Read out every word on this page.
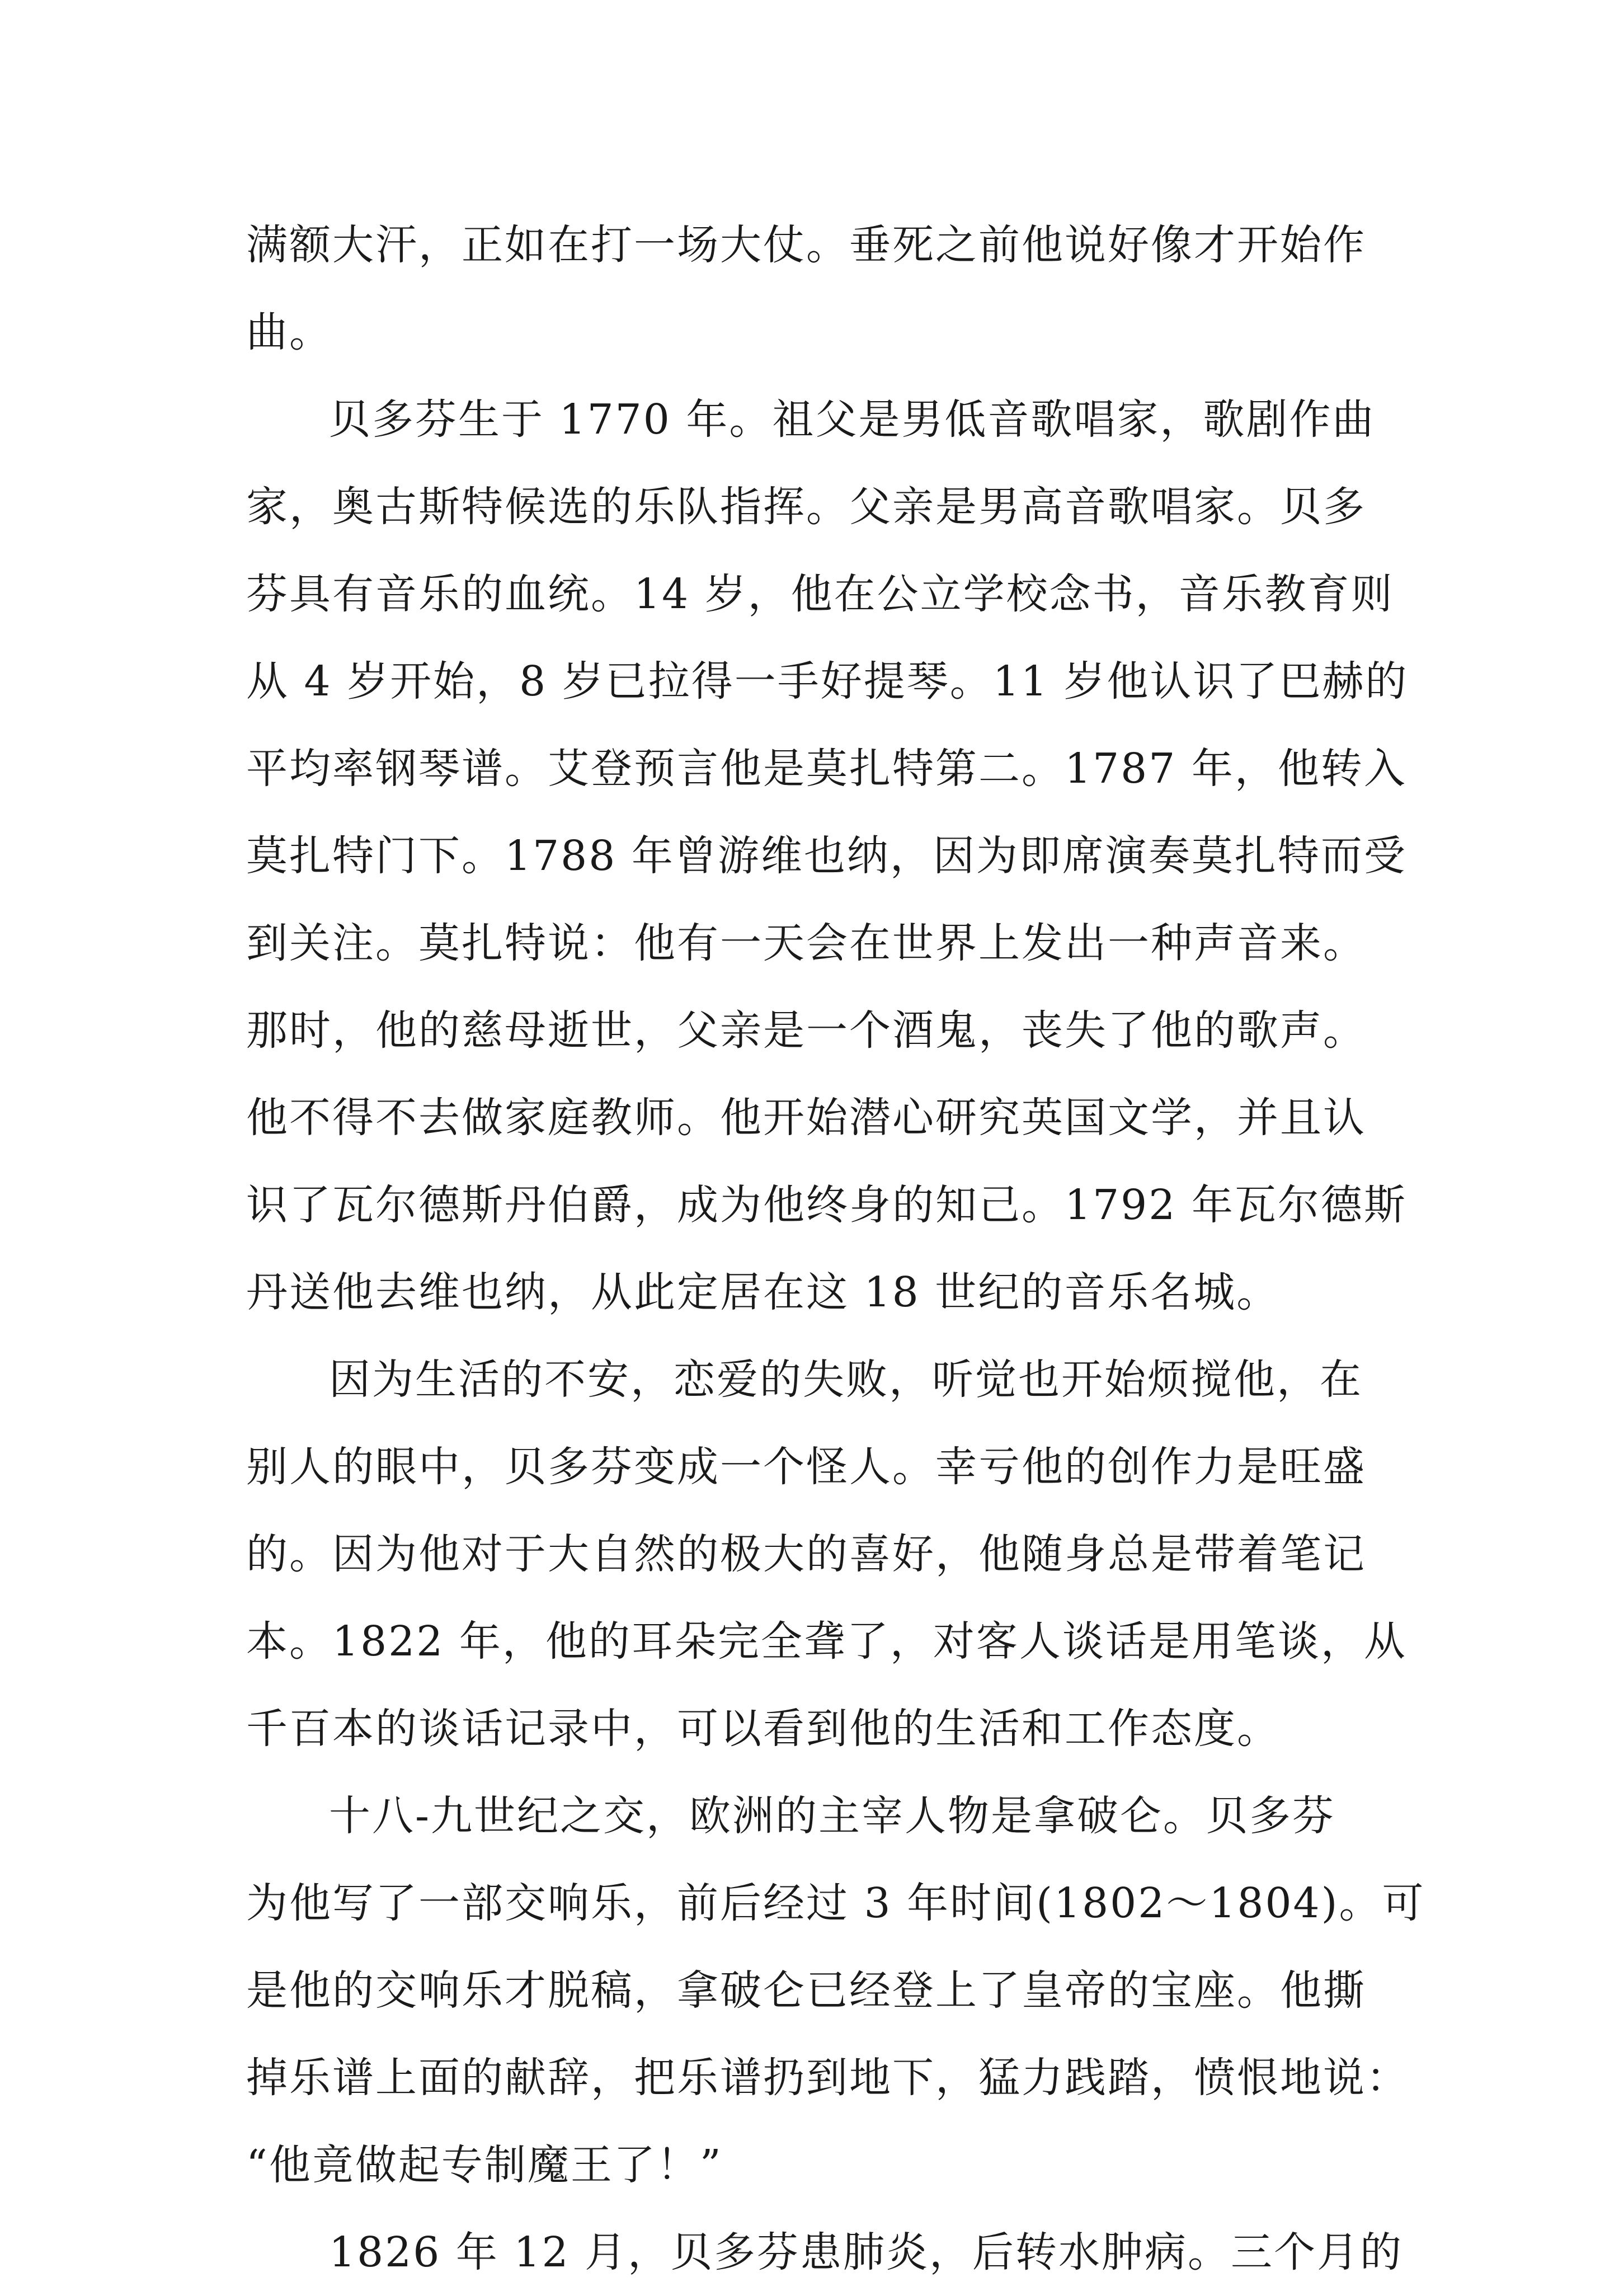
满额大汗，正如在打一场大仗。垂死之前他说好像才开始作
曲。
贝多芬生于 1770 年。祖父是男低音歌唱家，歌剧作曲
家，奥古斯特候选的乐队指挥。父亲是男高音歌唱家。贝多
芬具有音乐的血统。14 岁，他在公立学校念书，音乐教育则
从 4 岁开始，8 岁已拉得一手好提琴。11 岁他认识了巴赫的
平均率钢琴谱。艾登预言他是莫扎特第二。1787 年，他转入
莫扎特门下。1788 年曾游维也纳，因为即席演奏莫扎特而受
到关注。莫扎特说：他有一天会在世界上发出一种声音来。
那时，他的慈母逝世，父亲是一个酒鬼，丧失了他的歌声。
他不得不去做家庭教师。他开始潜心研究英国文学，并且认
识了瓦尔德斯丹伯爵，成为他终身的知己。1792 年瓦尔德斯
丹送他去维也纳，从此定居在这 18 世纪的音乐名城。
因为生活的不安，恋爱的失败，听觉也开始烦搅他，在
别人的眼中，贝多芬变成一个怪人。幸亏他的创作力是旺盛
的。因为他对于大自然的极大的喜好，他随身总是带着笔记
本。1822 年，他的耳朵完全聋了，对客人谈话是用笔谈，从
千百本的谈话记录中，可以看到他的生活和工作态度。
十八-九世纪之交，欧洲的主宰人物是拿破仑。贝多芬
为他写了一部交响乐，前后经过 3 年时间(1802～1804)。可
是他的交响乐才脱稿，拿破仑已经登上了皇帝的宝座。他撕
掉乐谱上面的献辞，把乐谱扔到地下，猛力践踏，愤恨地说：
“他竟做起专制魔王了！”
1826 年 12 月，贝多芬患肺炎，后转水肿病。三个月的
